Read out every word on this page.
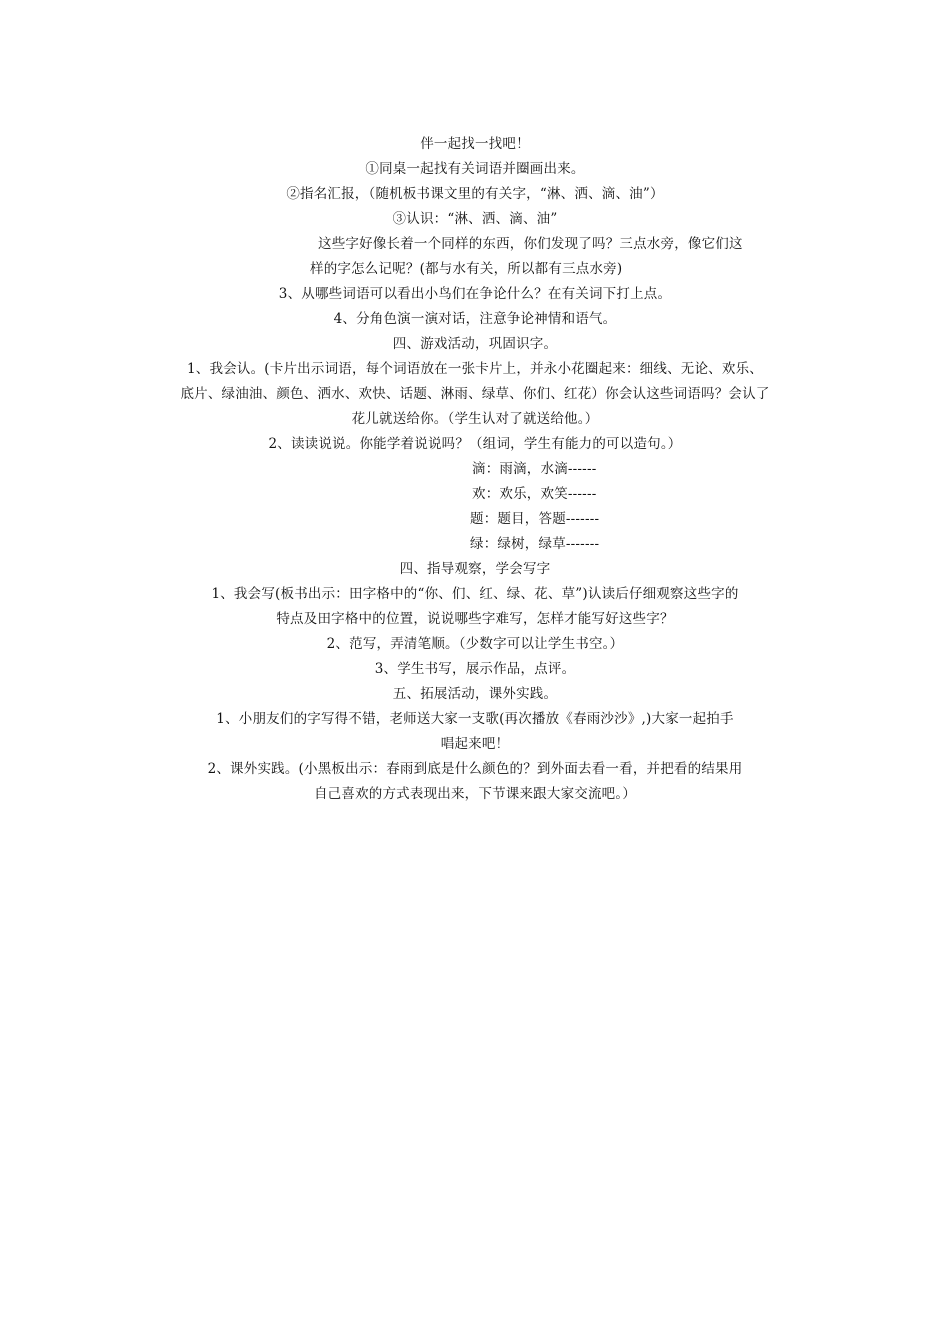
伴一起找一找吧！
①同桌一起找有关词语并圈画出来。
②指名汇报，（随机板书课文里的有关字，“淋、洒、滴、油”）
③认识：“淋、洒、滴、油”
这些字好像长着一个同样的东西，你们发现了吗？三点水旁，像它们这
样的字怎么记呢？(都与水有关，所以都有三点水旁)
3、从哪些词语可以看出小鸟们在争论什么？在有关词下打上点。
4、分角色演一演对话，注意争论神情和语气。
四、游戏活动，巩固识字。
1、我会认。(卡片出示词语，每个词语放在一张卡片上，并永小花圈起来：细线、无论、欢乐、
底片、绿油油、颜色、洒水、欢快、话题、淋雨、绿草、你们、红花）你会认这些词语吗？会认了
花儿就送给你。（学生认对了就送给他。）
2、读读说说。你能学着说说吗？（组词，学生有能力的可以造句。）
滴：雨滴，水滴------
欢：欢乐，欢笑------
题：题目，答题-------
绿：绿树，绿草-------
四、指导观察，学会写字
1、我会写(板书出示：田字格中的“你、们、红、绿、花、草”)认读后仔细观察这些字的
特点及田字格中的位置，说说哪些字难写，怎样才能写好这些字？
2、范写，弄清笔顺。（少数字可以让学生书空。）
3、学生书写，展示作品，点评。
五、拓展活动，课外实践。
1、小朋友们的字写得不错，老师送大家一支歌(再次播放《春雨沙沙》,)大家一起拍手
唱起来吧！
2、课外实践。(小黑板出示：春雨到底是什么颜色的？到外面去看一看，并把看的结果用
自己喜欢的方式表现出来，下节课来跟大家交流吧。）
